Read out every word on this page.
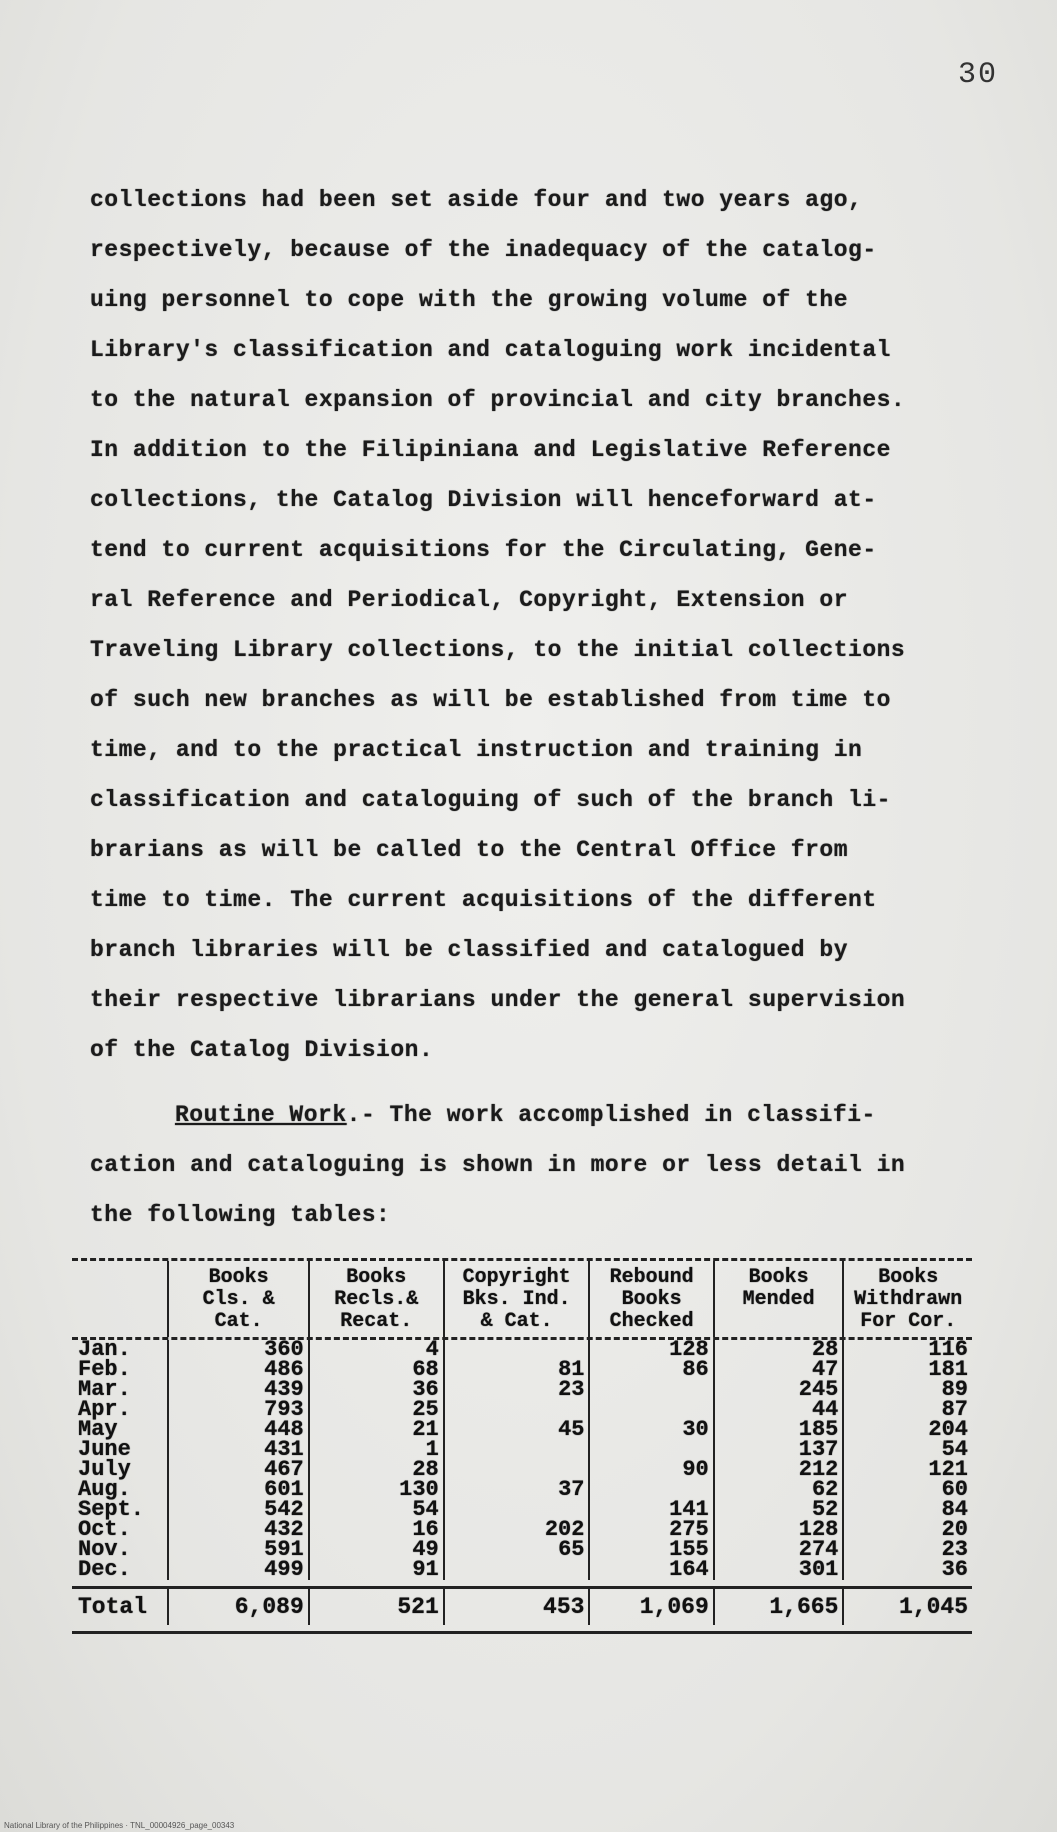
30
collections had been set aside four and two years ago,
respectively, because of the inadequacy of the catalog-
uing personnel to cope with the growing volume of the
Library's classification and cataloguing work incidental
to the natural expansion of provincial and city branches.
In addition to the Filipiniana and Legislative Reference
collections, the Catalog Division will henceforward at-
tend to current acquisitions for the Circulating, Gene-
ral Reference and Periodical, Copyright, Extension or
Traveling Library collections, to the initial collections
of such new branches as will be established from time to
time, and to the practical instruction and training in
classification and cataloguing of such of the branch li-
brarians as will be called to the Central Office from
time to time. The current acquisitions of the different
branch libraries will be classified and catalogued by
their respective librarians under the general supervision
of the Catalog Division.
Routine Work.- The work accomplished in classifi-
cation and cataloguing is shown in more or less detail in
the following tables:
	Books
Cls. &
Cat.	Books
Recls.&
Recat.	Copyright
Bks. Ind.
& Cat.	Rebound
Books
Checked	Books
Mended	Books
Withdrawn
For Cor.

Jan.	360	4		128	28	116
Feb.	486	68	81	86	47	181
Mar.	439	36	23		245	89
Apr.	793	25			44	87
May	448	21	45	30	185	204
June	431	1			137	54
July	467	28		90	212	121
Aug.	601	130	37		62	60
Sept.	542	54		141	52	84
Oct.	432	16	202	275	128	20
Nov.	591	49	65	155	274	23
Dec.	499	91		164	301	36

Total	6,089	521	453	1,069	1,665	1,045
National Library of the Philippines · TNL_00004926_page_00343
